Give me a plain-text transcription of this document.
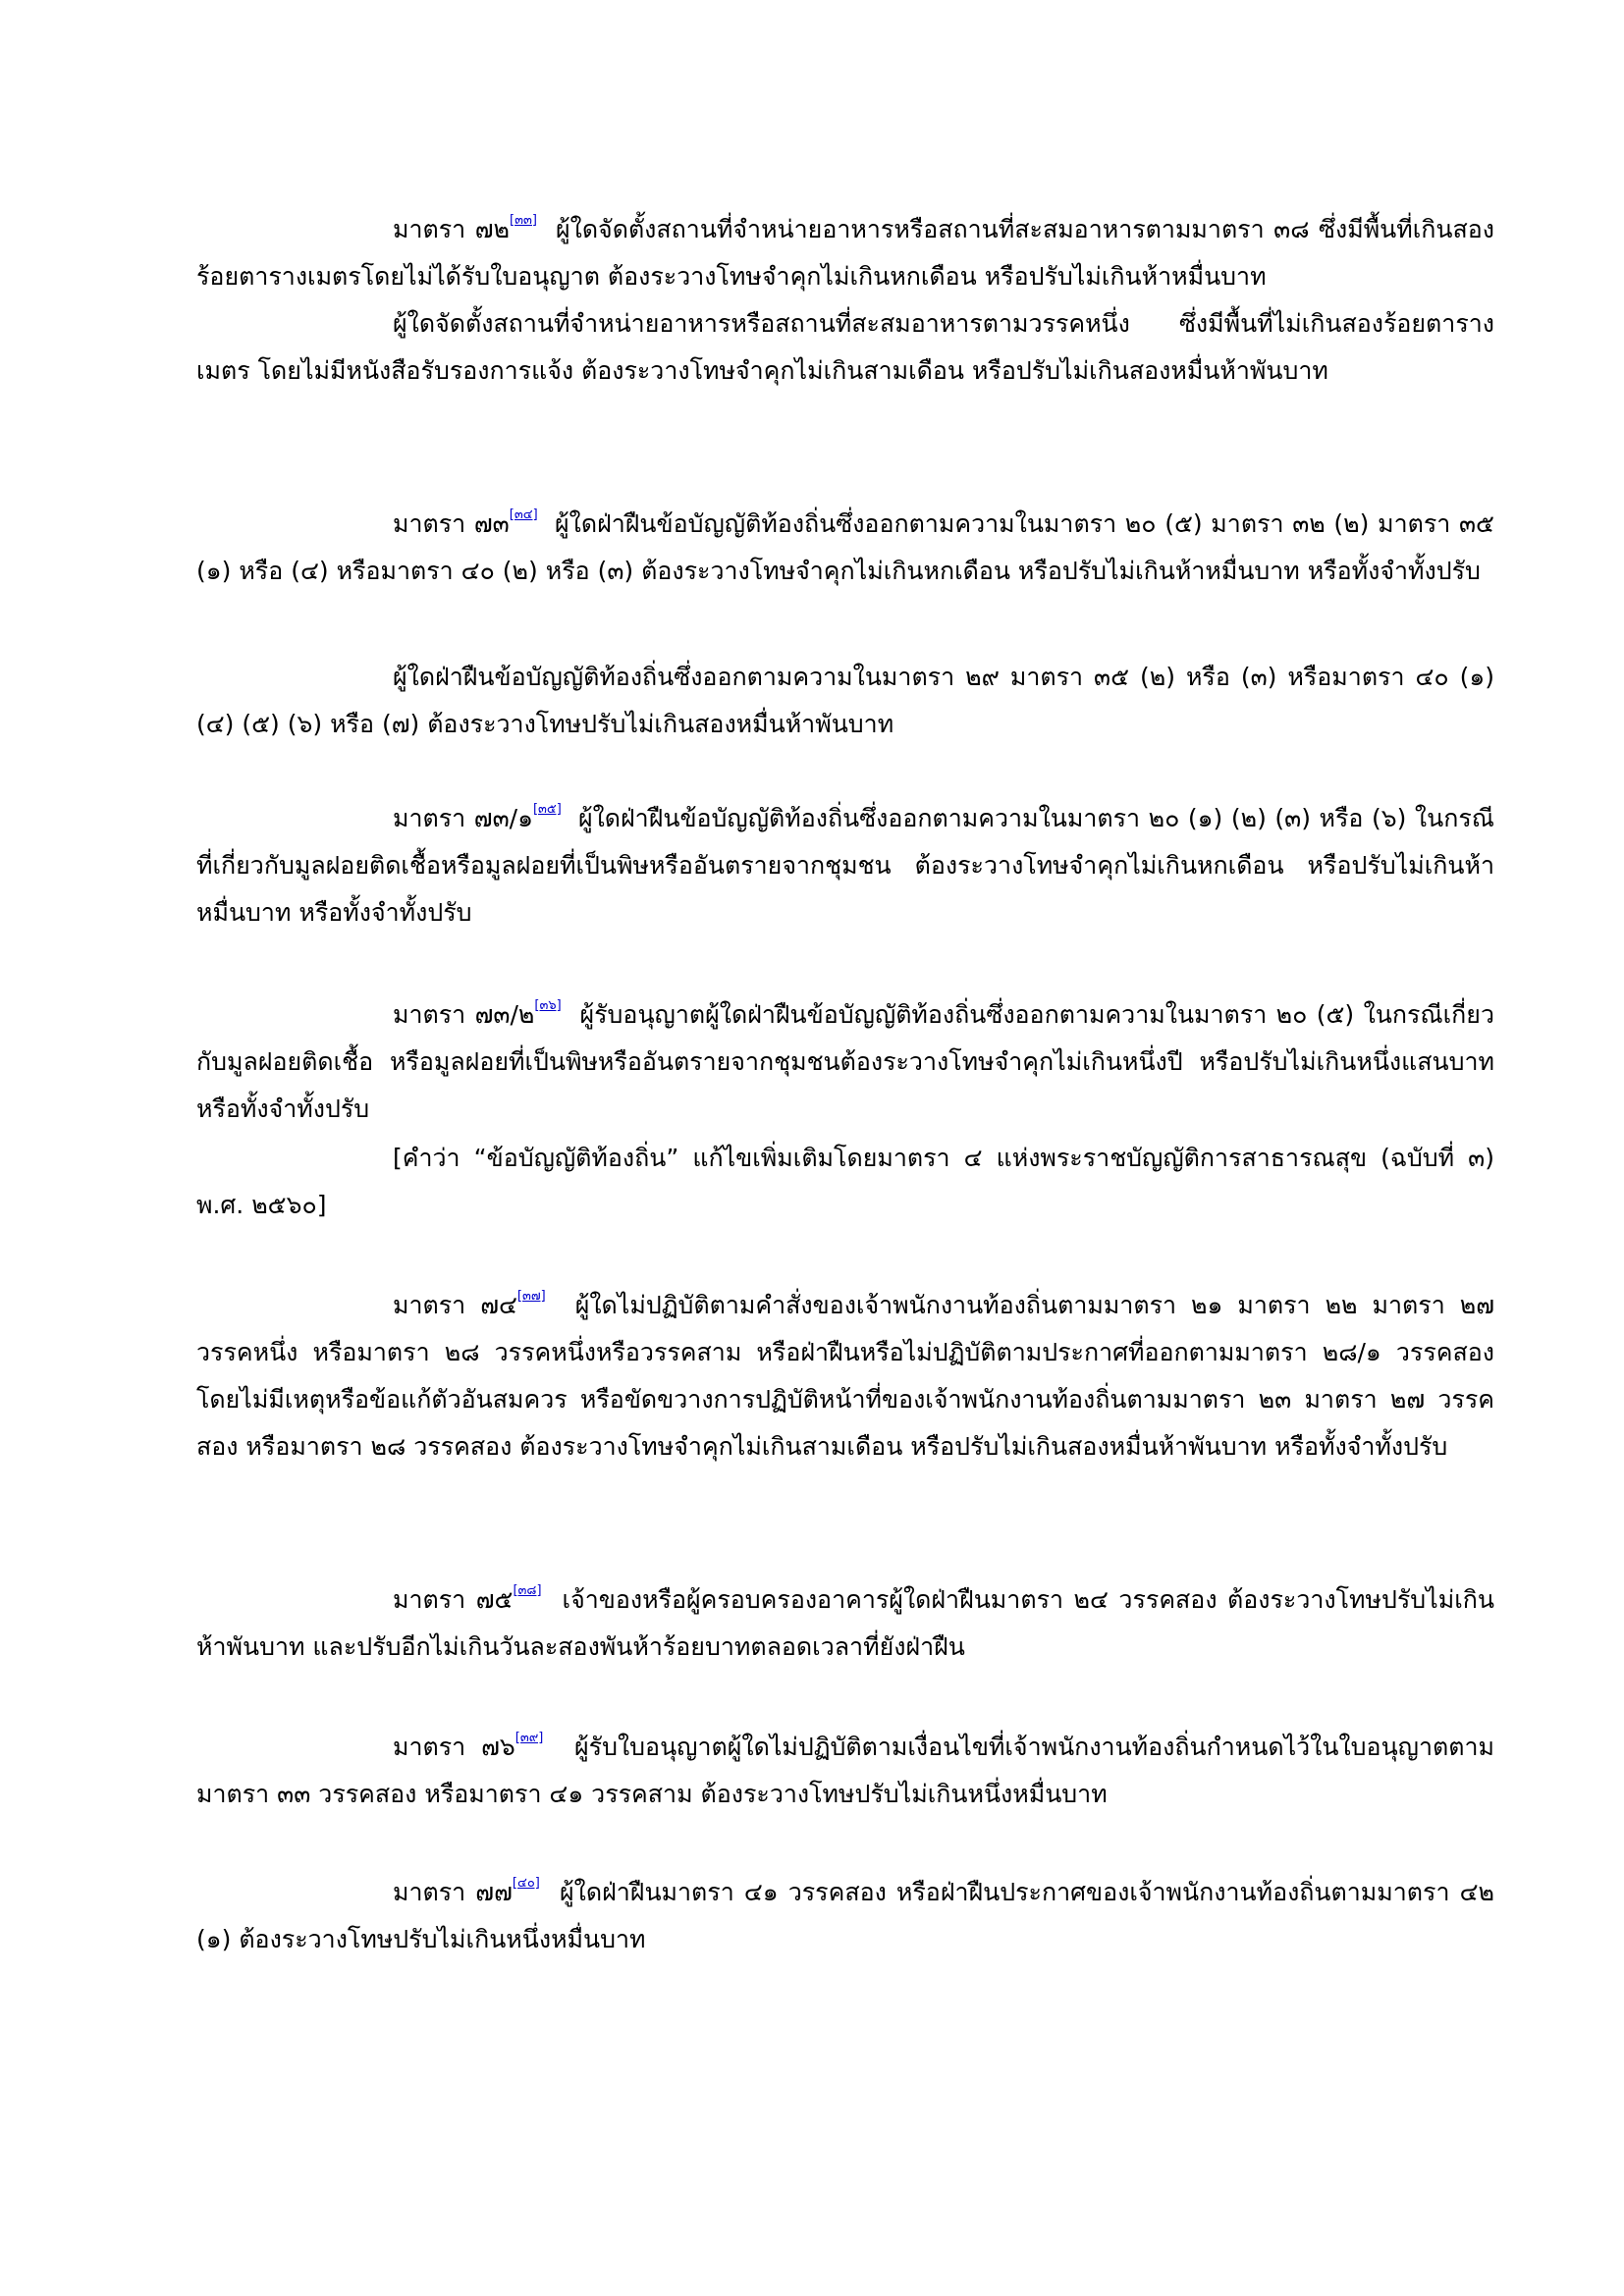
มาตรา ๗๒[๓๓] ผู้ใดจัดตั้งสถานที่จำหน่ายอาหารหรือสถานที่สะสมอาหารตามมาตรา ๓๘ ซึ่งมีพื้นที่เกินสองร้อยตารางเมตรโดยไม่ได้รับใบอนุญาต ต้องระวางโทษจำคุกไม่เกินหกเดือน หรือปรับไม่เกินห้าหมื่นบาท

ผู้ใดจัดตั้งสถานที่จำหน่ายอาหารหรือสถานที่สะสมอาหารตามวรรคหนึ่ง ซึ่งมีพื้นที่ไม่เกินสองร้อยตารางเมตร โดยไม่มีหนังสือรับรองการแจ้ง ต้องระวางโทษจำคุกไม่เกินสามเดือน หรือปรับไม่เกินสองหมื่นห้าพันบาท

มาตรา ๗๓[๓๔] ผู้ใดฝ่าฝืนข้อบัญญัติท้องถิ่นซึ่งออกตามความในมาตรา ๒๐ (๕) มาตรา ๓๒ (๒) มาตรา ๓๕ (๑) หรือ (๔) หรือมาตรา ๔๐ (๒) หรือ (๓) ต้องระวางโทษจำคุกไม่เกินหกเดือน หรือปรับไม่เกินห้าหมื่นบาท หรือทั้งจำทั้งปรับ

ผู้ใดฝ่าฝืนข้อบัญญัติท้องถิ่นซึ่งออกตามความในมาตรา ๒๙ มาตรา ๓๕ (๒) หรือ (๓) หรือมาตรา ๔๐ (๑) (๔) (๕) (๖) หรือ (๗) ต้องระวางโทษปรับไม่เกินสองหมื่นห้าพันบาท

มาตรา ๗๓/๑[๓๕] ผู้ใดฝ่าฝืนข้อบัญญัติท้องถิ่นซึ่งออกตามความในมาตรา ๒๐ (๑) (๒) (๓) หรือ (๖) ในกรณีที่เกี่ยวกับมูลฝอยติดเชื้อหรือมูลฝอยที่เป็นพิษหรืออันตรายจากชุมชน ต้องระวางโทษจำคุกไม่เกินหกเดือน หรือปรับไม่เกินห้าหมื่นบาท หรือทั้งจำทั้งปรับ

มาตรา ๗๓/๒[๓๖] ผู้รับอนุญาตผู้ใดฝ่าฝืนข้อบัญญัติท้องถิ่นซึ่งออกตามความในมาตรา ๒๐ (๕) ในกรณีเกี่ยวกับมูลฝอยติดเชื้อ หรือมูลฝอยที่เป็นพิษหรืออันตรายจากชุมชนต้องระวางโทษจำคุกไม่เกินหนึ่งปี หรือปรับไม่เกินหนึ่งแสนบาท หรือทั้งจำทั้งปรับ

[คำว่า “ข้อบัญญัติท้องถิ่น” แก้ไขเพิ่มเติมโดยมาตรา ๔ แห่งพระราชบัญญัติการสาธารณสุข (ฉบับที่ ๓) พ.ศ. ๒๕๖๐]

มาตรา ๗๔[๓๗] ผู้ใดไม่ปฏิบัติตามคำสั่งของเจ้าพนักงานท้องถิ่นตามมาตรา ๒๑ มาตรา ๒๒ มาตรา ๒๗ วรรคหนึ่ง หรือมาตรา ๒๘ วรรคหนึ่งหรือวรรคสาม หรือฝ่าฝืนหรือไม่ปฏิบัติตามประกาศที่ออกตามมาตรา ๒๘/๑ วรรคสอง โดยไม่มีเหตุหรือข้อแก้ตัวอันสมควร หรือขัดขวางการปฏิบัติหน้าที่ของเจ้าพนักงานท้องถิ่นตามมาตรา ๒๓ มาตรา ๒๗ วรรคสอง หรือมาตรา ๒๘ วรรคสอง ต้องระวางโทษจำคุกไม่เกินสามเดือน หรือปรับไม่เกินสองหมื่นห้าพันบาท หรือทั้งจำทั้งปรับ

มาตรา ๗๕[๓๘] เจ้าของหรือผู้ครอบครองอาคารผู้ใดฝ่าฝืนมาตรา ๒๔ วรรคสอง ต้องระวางโทษปรับไม่เกินห้าพันบาท และปรับอีกไม่เกินวันละสองพันห้าร้อยบาทตลอดเวลาที่ยังฝ่าฝืน

มาตรา ๗๖[๓๙] ผู้รับใบอนุญาตผู้ใดไม่ปฏิบัติตามเงื่อนไขที่เจ้าพนักงานท้องถิ่นกำหนดไว้ในใบอนุญาตตามมาตรา ๓๓ วรรคสอง หรือมาตรา ๔๑ วรรคสาม ต้องระวางโทษปรับไม่เกินหนึ่งหมื่นบาท

มาตรา ๗๗[๔๐] ผู้ใดฝ่าฝืนมาตรา ๔๑ วรรคสอง หรือฝ่าฝืนประกาศของเจ้าพนักงานท้องถิ่นตามมาตรา ๔๒ (๑) ต้องระวางโทษปรับไม่เกินหนึ่งหมื่นบาท
